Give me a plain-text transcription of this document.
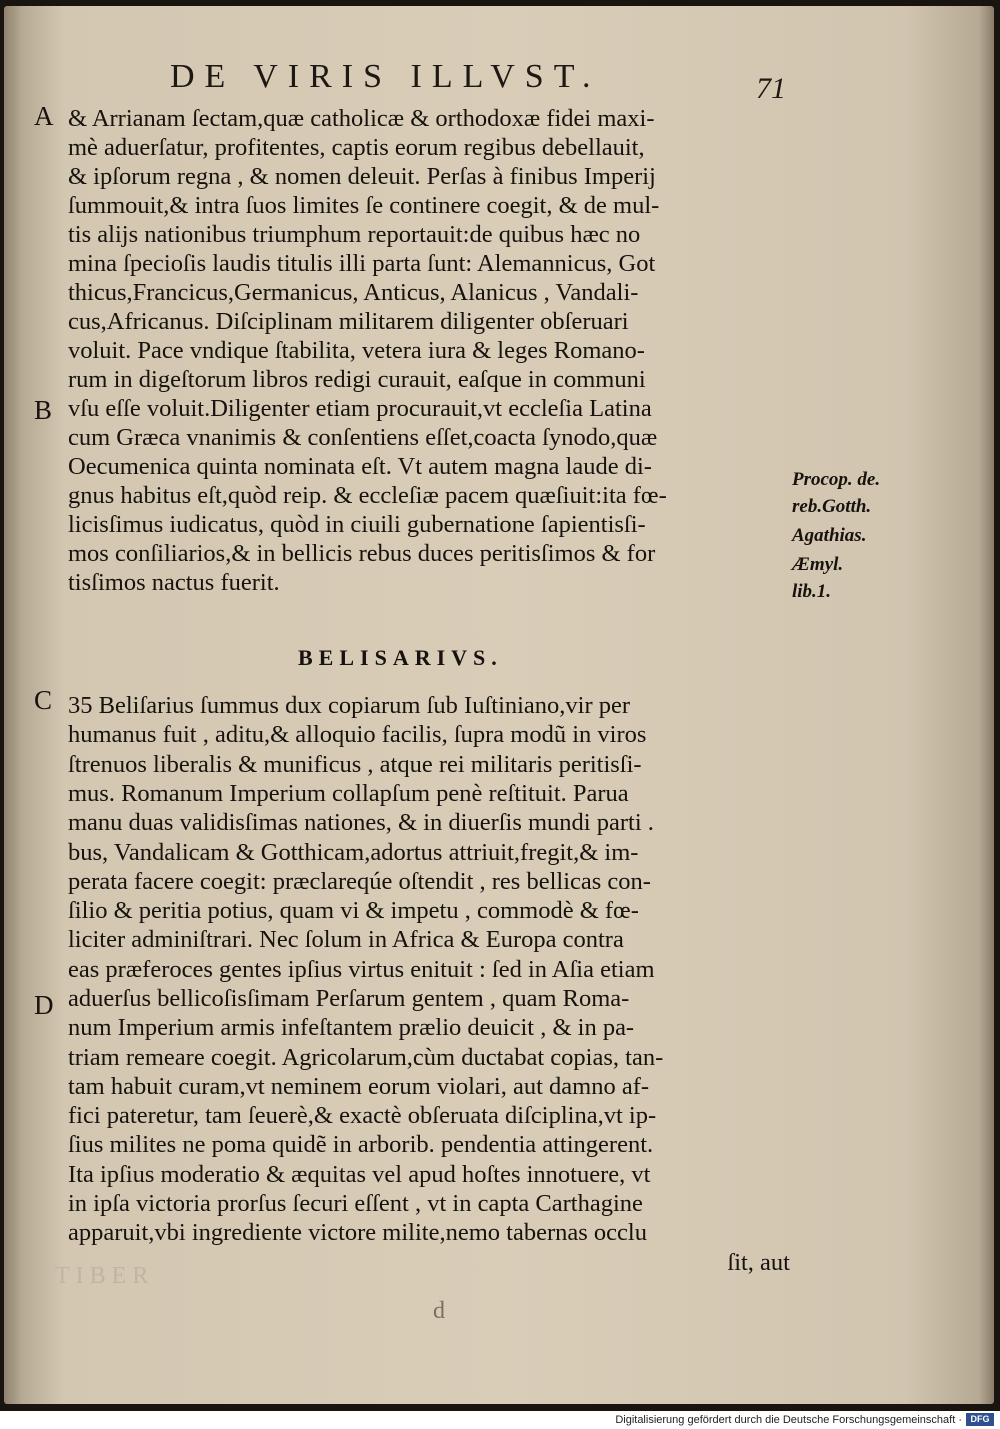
DE VIRIS ILLVST.	71
A
B
C
D
& Arrianam ſectam,quæ catholicæ & orthodoxæ fidei maxi-
mè aduerſatur, profitentes, captis eorum regibus debellauit,
& ipſorum regna , & nomen deleuit. Perſas à finibus Imperij
ſummouit,& intra ſuos limites ſe continere coegit, & de mul-
tis alijs nationibus triumphum reportauit:de quibus hæc no
mina ſpecioſis laudis titulis illi parta ſunt: Alemannicus, Got
thicus,Francicus,Germanicus, Anticus, Alanicus , Vandali-
cus,Africanus. Diſciplinam militarem diligenter obſeruari
voluit. Pace vndique ſtabilita, vetera iura & leges Romano-
rum in digeſtorum libros redigi curauit, eaſque in communi
vſu eſſe voluit.Diligenter etiam procurauit,vt eccleſia Latina
cum Græca vnanimis & conſentiens eſſet,coacta ſynodo,quæ
Oecumenica quinta nominata eſt. Vt autem magna laude di-
gnus habitus eſt,quòd reip. & eccleſiæ pacem quæſiuit:ita fœ-
licisſimus iudicatus, quòd in ciuili gubernatione ſapientisſi-
mos conſiliarios,& in bellicis rebus duces peritisſimos & for
tisſimos nactus fuerit.
Procop. de.
reb.Gotth.
Agathias.
Æmyl.
lib.1.
BELISARIVS.
35 Beliſarius ſummus dux copiarum ſub Iuſtiniano,vir per
humanus fuit , aditu,& alloquio facilis, ſupra modũ in viros
ſtrenuos liberalis & munificus , atque rei militaris peritisſi-
mus. Romanum Imperium collapſum penè reſtituit. Parua
manu duas validisſimas nationes, & in diuerſis mundi parti .
bus, Vandalicam & Gotthicam,adortus attriuit,fregit,& im-
perata facere coegit: præclareqúe oſtendit , res bellicas con-
ſilio & peritia potius, quam vi & impetu , commodè & fœ-
liciter adminiſtrari. Nec ſolum in Africa & Europa contra
eas præferoces gentes ipſius virtus enituit : ſed in Aſia etiam
aduerſus bellicoſisſimam Perſarum gentem , quam Roma-
num Imperium armis infeſtantem prælio deuicit , & in pa-
triam remeare coegit. Agricolarum,cùm ductabat copias, tan-
tam habuit curam,vt neminem eorum violari, aut damno af-
fici pateretur, tam ſeuerè,& exactè obſeruata diſciplina,vt ip-
ſius milites ne poma quidẽ in arborib. pendentia attingerent.
Ita ipſius moderatio & æquitas vel apud hoſtes innotuere, vt
in ipſa victoria prorſus ſecuri eſſent , vt in capta Carthagine
apparuit,vbi ingrediente victore milite,nemo tabernas occlu
ſit, aut
TIBER
d
Digitalisierung gefördert durch die Deutsche Forschungsgemeinschaft · DFG
